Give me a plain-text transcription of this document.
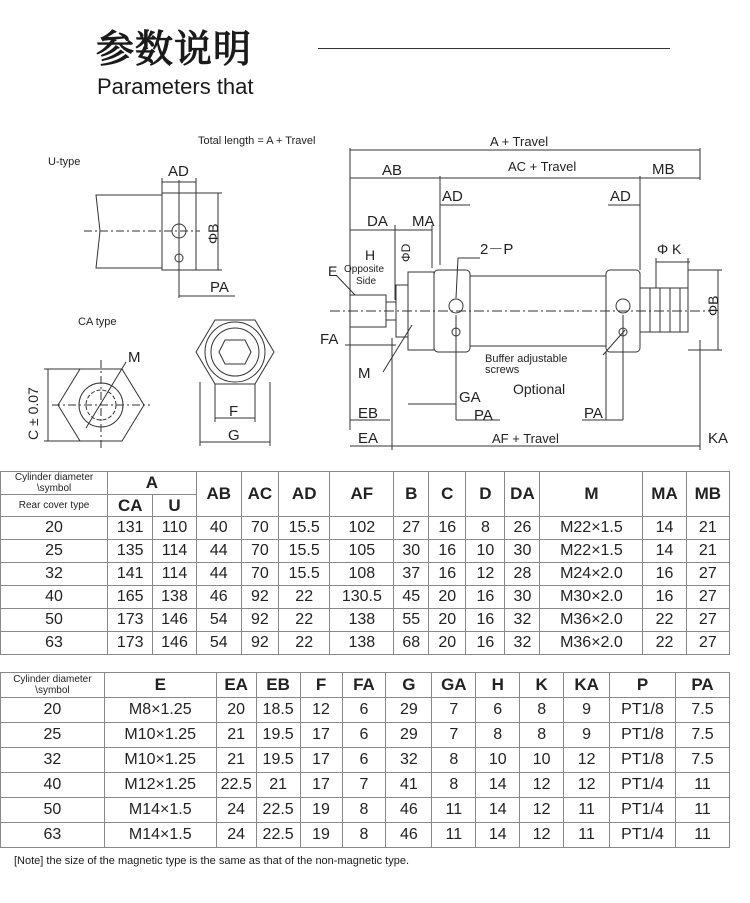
参数说明
Parameters that
U-type
AD
ΦB
PA
Total length = A + Travel
CA type
M
C ± 0.07	F
G
A + Travel
AB	AC + Travel	MB
AD	AD
DA MA
2－P	Φ K
H ΦD
E Opposite
Side
ΦB
FA
Buffer adjustable
screws
M
Optional
GA
EB	PA	PA
EA	AF + Travel	KA
Cylinder diameter
\symbol	A		AB	AC	AD	AF	B	C	D	DA	M	MA	MB
Rear cover type	CA	U											
20	131	110	40	70	15.5	102	27	16	8	26	M22×1.5	14	21
25	135	114	44	70	15.5	105	30	16	10	30	M22×1.5	14	21
32	141	114	44	70	15.5	108	37	16	12	28	M24×2.0	16	27
40	165	138	46	92	22	130.5	45	20	16	30	M30×2.0	16	27
50	173	146	54	92	22	138	55	20	16	32	M36×2.0	22	27
63	173	146	54	92	22	138	68	20	16	32	M36×2.0	22	27
Cylinder diameter
\symbol	E	EA	EB	F	FA	G	GA	H	K	KA	P	PA
20	M8×1.25	20	18.5	12	6	29	7	6	8	9	PT1/8	7.5
25	M10×1.25	21	19.5	17	6	29	7	8	8	9	PT1/8	7.5
32	M10×1.25	21	19.5	17	6	32	8	10	10	12	PT1/8	7.5
40	M12×1.25	22.5	21	17	7	41	8	14	12	12	PT1/4	11
50	M14×1.5	24	22.5	19	8	46	11	14	12	11	PT1/4	11
63	M14×1.5	24	22.5	19	8	46	11	14	12	11	PT1/4	11
[Note] the size of the magnetic type is the same as that of the non-magnetic type.
